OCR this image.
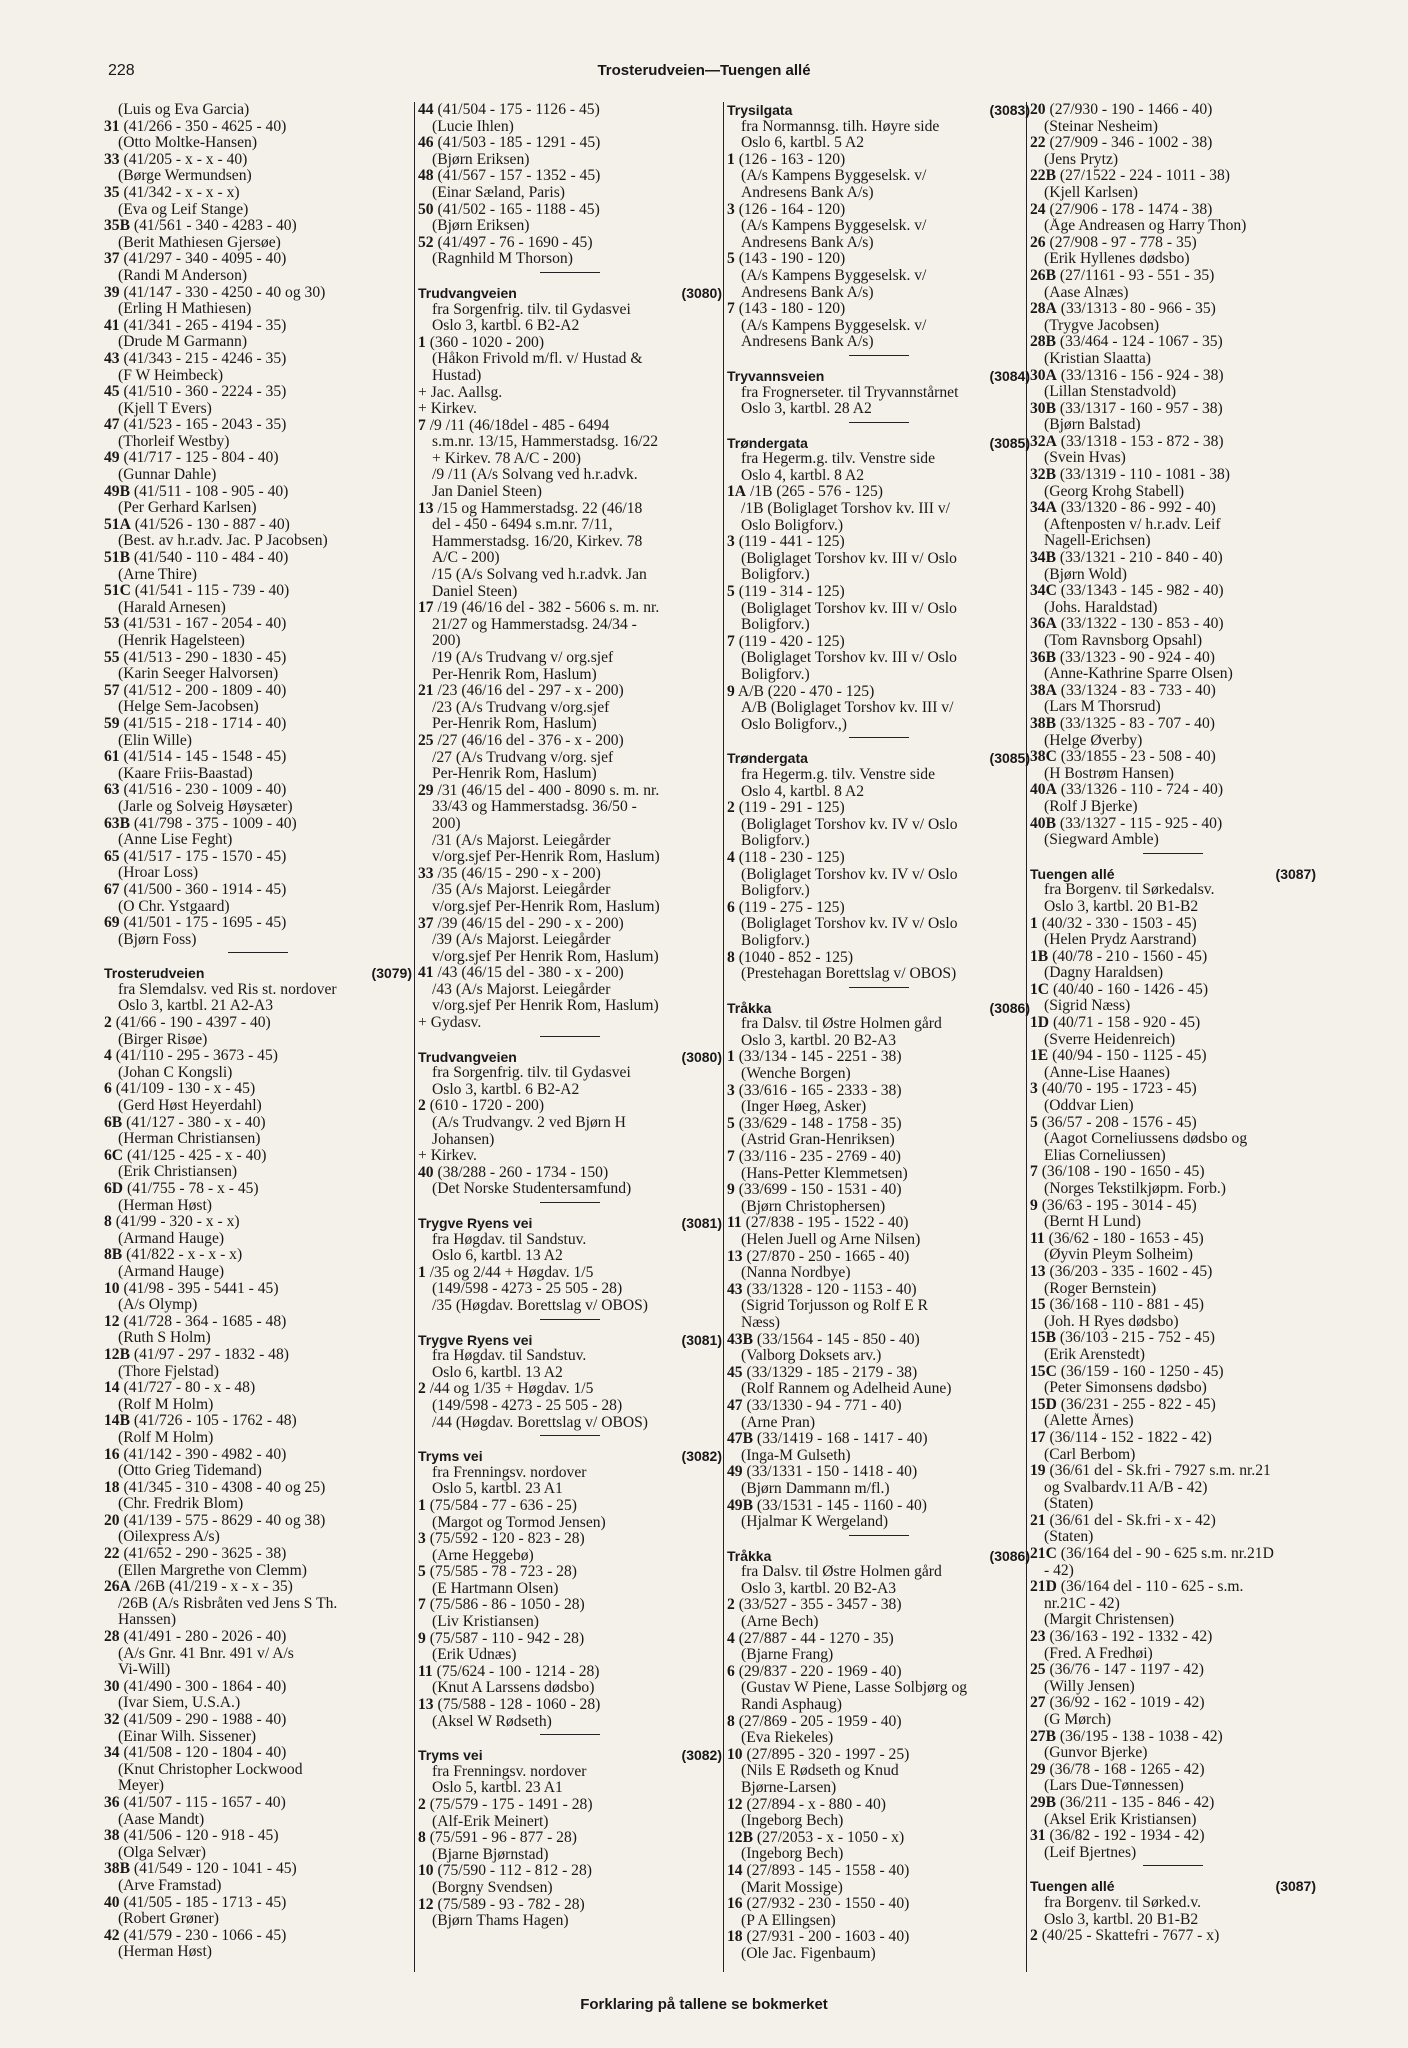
228	Trosterudveien—Tuengen allé
(Luis og Eva Garcia)
31 (41/266 - 350 - 4625 - 40)
(Otto Moltke-Hansen)
33 (41/205 - x - x - 40)
(Børge Wermundsen)
35 (41/342 - x - x - x)
(Eva og Leif Stange)
35B (41/561 - 340 - 4283 - 40)
(Berit Mathiesen Gjersøe)
37 (41/297 - 340 - 4095 - 40)
(Randi M Anderson)
39 (41/147 - 330 - 4250 - 40 og 30)
(Erling H Mathiesen)
41 (41/341 - 265 - 4194 - 35)
(Drude M Garmann)
43 (41/343 - 215 - 4246 - 35)
(F W Heimbeck)
45 (41/510 - 360 - 2224 - 35)
(Kjell T Evers)
47 (41/523 - 165 - 2043 - 35)
(Thorleif Westby)
49 (41/717 - 125 - 804 - 40)
(Gunnar Dahle)
49B (41/511 - 108 - 905 - 40)
(Per Gerhard Karlsen)
51A (41/526 - 130 - 887 - 40)
(Best. av h.r.adv. Jac. P Jacobsen)
51B (41/540 - 110 - 484 - 40)
(Arne Thire)
51C (41/541 - 115 - 739 - 40)
(Harald Arnesen)
53 (41/531 - 167 - 2054 - 40)
(Henrik Hagelsteen)
55 (41/513 - 290 - 1830 - 45)
(Karin Seeger Halvorsen)
57 (41/512 - 200 - 1809 - 40)
(Helge Sem-Jacobsen)
59 (41/515 - 218 - 1714 - 40)
(Elin Wille)
61 (41/514 - 145 - 1548 - 45)
(Kaare Friis-Baastad)
63 (41/516 - 230 - 1009 - 40)
(Jarle og Solveig Høysæter)
63B (41/798 - 375 - 1009 - 40)
(Anne Lise Feght)
65 (41/517 - 175 - 1570 - 45)
(Hroar Loss)
67 (41/500 - 360 - 1914 - 45)
(O Chr. Ystgaard)
69 (41/501 - 175 - 1695 - 45)
(Bjørn Foss)
Trosterudveien	(3079)
fra Slemdalsv. ved Ris st. nordover
Oslo 3, kartbl. 21 A2-A3
2 (41/66 - 190 - 4397 - 40)
(Birger Risøe)
4 (41/110 - 295 - 3673 - 45)
(Johan C Kongsli)
6 (41/109 - 130 - x - 45)
(Gerd Høst Heyerdahl)
6B (41/127 - 380 - x - 40)
(Herman Christiansen)
6C (41/125 - 425 - x - 40)
(Erik Christiansen)
6D (41/755 - 78 - x - 45)
(Herman Høst)
8 (41/99 - 320 - x - x)
(Armand Hauge)
8B (41/822 - x - x - x)
(Armand Hauge)
10 (41/98 - 395 - 5441 - 45)
(A/s Olymp)
12 (41/728 - 364 - 1685 - 48)
(Ruth S Holm)
12B (41/97 - 297 - 1832 - 48)
(Thore Fjelstad)
14 (41/727 - 80 - x - 48)
(Rolf M Holm)
14B (41/726 - 105 - 1762 - 48)
(Rolf M Holm)
16 (41/142 - 390 - 4982 - 40)
(Otto Grieg Tidemand)
18 (41/345 - 310 - 4308 - 40 og 25)
(Chr. Fredrik Blom)
20 (41/139 - 575 - 8629 - 40 og 38)
(Oilexpress A/s)
22 (41/652 - 290 - 3625 - 38)
(Ellen Margrethe von Clemm)
26A /26B (41/219 - x - x - 35)
/26B (A/s Risbråten ved Jens S Th.
Hanssen)
28 (41/491 - 280 - 2026 - 40)
(A/s Gnr. 41 Bnr. 491 v/ A/s
Vi-Will)
30 (41/490 - 300 - 1864 - 40)
(Ivar Siem, U.S.A.)
32 (41/509 - 290 - 1988 - 40)
(Einar Wilh. Sissener)
34 (41/508 - 120 - 1804 - 40)
(Knut Christopher Lockwood
Meyer)
36 (41/507 - 115 - 1657 - 40)
(Aase Mandt)
38 (41/506 - 120 - 918 - 45)
(Olga Selvær)
38B (41/549 - 120 - 1041 - 45)
(Arve Framstad)
40 (41/505 - 185 - 1713 - 45)
(Robert Grøner)
42 (41/579 - 230 - 1066 - 45)
(Herman Høst)
44 (41/504 - 175 - 1126 - 45)
(Lucie Ihlen)
46 (41/503 - 185 - 1291 - 45)
(Bjørn Eriksen)
48 (41/567 - 157 - 1352 - 45)
(Einar Sæland, Paris)
50 (41/502 - 165 - 1188 - 45)
(Bjørn Eriksen)
52 (41/497 - 76 - 1690 - 45)
(Ragnhild M Thorson)
Trudvangveien	(3080)
fra Sorgenfrig. tilv. til Gydasvei
Oslo 3, kartbl. 6 B2-A2
1 (360 - 1020 - 200)
(Håkon Frivold m/fl. v/ Hustad &
Hustad)
+ Jac. Aallsg.
+ Kirkev.
7 /9 /11 (46/18del - 485 - 6494
s.m.nr. 13/15, Hammerstadsg. 16/22
+ Kirkev. 78 A/C - 200)
/9 /11 (A/s Solvang ved h.r.advk.
Jan Daniel Steen)
13 /15 og Hammerstadsg. 22 (46/18
del - 450 - 6494 s.m.nr. 7/11,
Hammerstadsg. 16/20, Kirkev. 78
A/C - 200)
/15 (A/s Solvang ved h.r.advk. Jan
Daniel Steen)
17 /19 (46/16 del - 382 - 5606 s. m. nr.
21/27 og Hammerstadsg. 24/34 -
200)
/19 (A/s Trudvang v/ org.sjef
Per-Henrik Rom, Haslum)
21 /23 (46/16 del - 297 - x - 200)
/23 (A/s Trudvang v/org.sjef
Per-Henrik Rom, Haslum)
25 /27 (46/16 del - 376 - x - 200)
/27 (A/s Trudvang v/org. sjef
Per-Henrik Rom, Haslum)
29 /31 (46/15 del - 400 - 8090 s. m. nr.
33/43 og Hammerstadsg. 36/50 -
200)
/31 (A/s Majorst. Leiegårder
v/org.sjef Per-Henrik Rom, Haslum)
33 /35 (46/15 - 290 - x - 200)
/35 (A/s Majorst. Leiegårder
v/org.sjef Per-Henrik Rom, Haslum)
37 /39 (46/15 del - 290 - x - 200)
/39 (A/s Majorst. Leiegårder
v/org.sjef Per Henrik Rom, Haslum)
41 /43 (46/15 del - 380 - x - 200)
/43 (A/s Majorst. Leiegårder
v/org.sjef Per Henrik Rom, Haslum)
+ Gydasv.
Trudvangveien	(3080)
fra Sorgenfrig. tilv. til Gydasvei
Oslo 3, kartbl. 6 B2-A2
2 (610 - 1720 - 200)
(A/s Trudvangv. 2 ved Bjørn H
Johansen)
+ Kirkev.
40 (38/288 - 260 - 1734 - 150)
(Det Norske Studentersamfund)
Trygve Ryens vei	(3081)
fra Høgdav. til Sandstuv.
Oslo 6, kartbl. 13 A2
1 /35 og 2/44 + Høgdav. 1/5
(149/598 - 4273 - 25 505 - 28)
/35 (Høgdav. Borettslag v/ OBOS)
Trygve Ryens vei	(3081)
fra Høgdav. til Sandstuv.
Oslo 6, kartbl. 13 A2
2 /44 og 1/35 + Høgdav. 1/5
(149/598 - 4273 - 25 505 - 28)
/44 (Høgdav. Borettslag v/ OBOS)
Tryms vei	(3082)
fra Frenningsv. nordover
Oslo 5, kartbl. 23 A1
1 (75/584 - 77 - 636 - 25)
(Margot og Tormod Jensen)
3 (75/592 - 120 - 823 - 28)
(Arne Heggebø)
5 (75/585 - 78 - 723 - 28)
(E Hartmann Olsen)
7 (75/586 - 86 - 1050 - 28)
(Liv Kristiansen)
9 (75/587 - 110 - 942 - 28)
(Erik Udnæs)
11 (75/624 - 100 - 1214 - 28)
(Knut A Larssens dødsbo)
13 (75/588 - 128 - 1060 - 28)
(Aksel W Rødseth)
Tryms vei	(3082)
fra Frenningsv. nordover
Oslo 5, kartbl. 23 A1
2 (75/579 - 175 - 1491 - 28)
(Alf-Erik Meinert)
8 (75/591 - 96 - 877 - 28)
(Bjarne Bjørnstad)
10 (75/590 - 112 - 812 - 28)
(Borgny Svendsen)
12 (75/589 - 93 - 782 - 28)
(Bjørn Thams Hagen)
Trysilgata	(3083)
fra Normannsg. tilh. Høyre side
Oslo 6, kartbl. 5 A2
1 (126 - 163 - 120)
(A/s Kampens Byggeselsk. v/
Andresens Bank A/s)
3 (126 - 164 - 120)
(A/s Kampens Byggeselsk. v/
Andresens Bank A/s)
5 (143 - 190 - 120)
(A/s Kampens Byggeselsk. v/
Andresens Bank A/s)
7 (143 - 180 - 120)
(A/s Kampens Byggeselsk. v/
Andresens Bank A/s)
Tryvannsveien	(3084)
fra Frognerseter. til Tryvannstårnet
Oslo 3, kartbl. 28 A2
Trøndergata	(3085)
fra Hegerm.g. tilv. Venstre side
Oslo 4, kartbl. 8 A2
1A /1B (265 - 576 - 125)
/1B (Boliglaget Torshov kv. III v/
Oslo Boligforv.)
3 (119 - 441 - 125)
(Boliglaget Torshov kv. III v/ Oslo
Boligforv.)
5 (119 - 314 - 125)
(Boliglaget Torshov kv. III v/ Oslo
Boligforv.)
7 (119 - 420 - 125)
(Boliglaget Torshov kv. III v/ Oslo
Boligforv.)
9 A/B (220 - 470 - 125)
A/B (Boliglaget Torshov kv. III v/
Oslo Boligforv.,)
Trøndergata	(3085)
fra Hegerm.g. tilv. Venstre side
Oslo 4, kartbl. 8 A2
2 (119 - 291 - 125)
(Boliglaget Torshov kv. IV v/ Oslo
Boligforv.)
4 (118 - 230 - 125)
(Boliglaget Torshov kv. IV v/ Oslo
Boligforv.)
6 (119 - 275 - 125)
(Boliglaget Torshov kv. IV v/ Oslo
Boligforv.)
8 (1040 - 852 - 125)
(Prestehagan Borettslag v/ OBOS)
Tråkka	(3086)
fra Dalsv. til Østre Holmen gård
Oslo 3, kartbl. 20 B2-A3
1 (33/134 - 145 - 2251 - 38)
(Wenche Borgen)
3 (33/616 - 165 - 2333 - 38)
(Inger Høeg, Asker)
5 (33/629 - 148 - 1758 - 35)
(Astrid Gran-Henriksen)
7 (33/116 - 235 - 2769 - 40)
(Hans-Petter Klemmetsen)
9 (33/699 - 150 - 1531 - 40)
(Bjørn Christophersen)
11 (27/838 - 195 - 1522 - 40)
(Helen Juell og Arne Nilsen)
13 (27/870 - 250 - 1665 - 40)
(Nanna Nordbye)
43 (33/1328 - 120 - 1153 - 40)
(Sigrid Torjusson og Rolf E R
Næss)
43B (33/1564 - 145 - 850 - 40)
(Valborg Doksets arv.)
45 (33/1329 - 185 - 2179 - 38)
(Rolf Rannem og Adelheid Aune)
47 (33/1330 - 94 - 771 - 40)
(Arne Pran)
47B (33/1419 - 168 - 1417 - 40)
(Inga-M Gulseth)
49 (33/1331 - 150 - 1418 - 40)
(Bjørn Dammann m/fl.)
49B (33/1531 - 145 - 1160 - 40)
(Hjalmar K Wergeland)
Tråkka	(3086)
fra Dalsv. til Østre Holmen gård
Oslo 3, kartbl. 20 B2-A3
2 (33/527 - 355 - 3457 - 38)
(Arne Bech)
4 (27/887 - 44 - 1270 - 35)
(Bjarne Frang)
6 (29/837 - 220 - 1969 - 40)
(Gustav W Piene, Lasse Solbjørg og
Randi Asphaug)
8 (27/869 - 205 - 1959 - 40)
(Eva Riekeles)
10 (27/895 - 320 - 1997 - 25)
(Nils E Rødseth og Knud
Bjørne-Larsen)
12 (27/894 - x - 880 - 40)
(Ingeborg Bech)
12B (27/2053 - x - 1050 - x)
(Ingeborg Bech)
14 (27/893 - 145 - 1558 - 40)
(Marit Mossige)
16 (27/932 - 230 - 1550 - 40)
(P A Ellingsen)
18 (27/931 - 200 - 1603 - 40)
(Ole Jac. Figenbaum)
20 (27/930 - 190 - 1466 - 40)
(Steinar Nesheim)
22 (27/909 - 346 - 1002 - 38)
(Jens Prytz)
22B (27/1522 - 224 - 1011 - 38)
(Kjell Karlsen)
24 (27/906 - 178 - 1474 - 38)
(Åge Andreasen og Harry Thon)
26 (27/908 - 97 - 778 - 35)
(Erik Hyllenes dødsbo)
26B (27/1161 - 93 - 551 - 35)
(Aase Alnæs)
28A (33/1313 - 80 - 966 - 35)
(Trygve Jacobsen)
28B (33/464 - 124 - 1067 - 35)
(Kristian Slaatta)
30A (33/1316 - 156 - 924 - 38)
(Lillan Stenstadvold)
30B (33/1317 - 160 - 957 - 38)
(Bjørn Balstad)
32A (33/1318 - 153 - 872 - 38)
(Svein Hvas)
32B (33/1319 - 110 - 1081 - 38)
(Georg Krohg Stabell)
34A (33/1320 - 86 - 992 - 40)
(Aftenposten v/ h.r.adv. Leif
Nagell-Erichsen)
34B (33/1321 - 210 - 840 - 40)
(Bjørn Wold)
34C (33/1343 - 145 - 982 - 40)
(Johs. Haraldstad)
36A (33/1322 - 130 - 853 - 40)
(Tom Ravnsborg Opsahl)
36B (33/1323 - 90 - 924 - 40)
(Anne-Kathrine Sparre Olsen)
38A (33/1324 - 83 - 733 - 40)
(Lars M Thorsrud)
38B (33/1325 - 83 - 707 - 40)
(Helge Øverby)
38C (33/1855 - 23 - 508 - 40)
(H Bostrøm Hansen)
40A (33/1326 - 110 - 724 - 40)
(Rolf J Bjerke)
40B (33/1327 - 115 - 925 - 40)
(Siegward Amble)
Tuengen allé	(3087)
fra Borgenv. til Sørkedalsv.
Oslo 3, kartbl. 20 B1-B2
1 (40/32 - 330 - 1503 - 45)
(Helen Prydz Aarstrand)
1B (40/78 - 210 - 1560 - 45)
(Dagny Haraldsen)
1C (40/40 - 160 - 1426 - 45)
(Sigrid Næss)
1D (40/71 - 158 - 920 - 45)
(Sverre Heidenreich)
1E (40/94 - 150 - 1125 - 45)
(Anne-Lise Haanes)
3 (40/70 - 195 - 1723 - 45)
(Oddvar Lien)
5 (36/57 - 208 - 1576 - 45)
(Aagot Corneliussens dødsbo og
Elias Corneliussen)
7 (36/108 - 190 - 1650 - 45)
(Norges Tekstilkjøpm. Forb.)
9 (36/63 - 195 - 3014 - 45)
(Bernt H Lund)
11 (36/62 - 180 - 1653 - 45)
(Øyvin Pleym Solheim)
13 (36/203 - 335 - 1602 - 45)
(Roger Bernstein)
15 (36/168 - 110 - 881 - 45)
(Joh. H Ryes dødsbo)
15B (36/103 - 215 - 752 - 45)
(Erik Arenstedt)
15C (36/159 - 160 - 1250 - 45)
(Peter Simonsens dødsbo)
15D (36/231 - 255 - 822 - 45)
(Alette Årnes)
17 (36/114 - 152 - 1822 - 42)
(Carl Berbom)
19 (36/61 del - Sk.fri - 7927 s.m. nr.21
og Svalbardv.11 A/B - 42)
(Staten)
21 (36/61 del - Sk.fri - x - 42)
(Staten)
21C (36/164 del - 90 - 625 s.m. nr.21D
- 42)
21D (36/164 del - 110 - 625 - s.m.
nr.21C - 42)
(Margit Christensen)
23 (36/163 - 192 - 1332 - 42)
(Fred. A Fredhøi)
25 (36/76 - 147 - 1197 - 42)
(Willy Jensen)
27 (36/92 - 162 - 1019 - 42)
(G Mørch)
27B (36/195 - 138 - 1038 - 42)
(Gunvor Bjerke)
29 (36/78 - 168 - 1265 - 42)
(Lars Due-Tønnessen)
29B (36/211 - 135 - 846 - 42)
(Aksel Erik Kristiansen)
31 (36/82 - 192 - 1934 - 42)
(Leif Bjertnes)
Tuengen allé	(3087)
fra Borgenv. til Sørked.v.
Oslo 3, kartbl. 20 B1-B2
2 (40/25 - Skattefri - 7677 - x)
Forklaring på tallene se bokmerket
